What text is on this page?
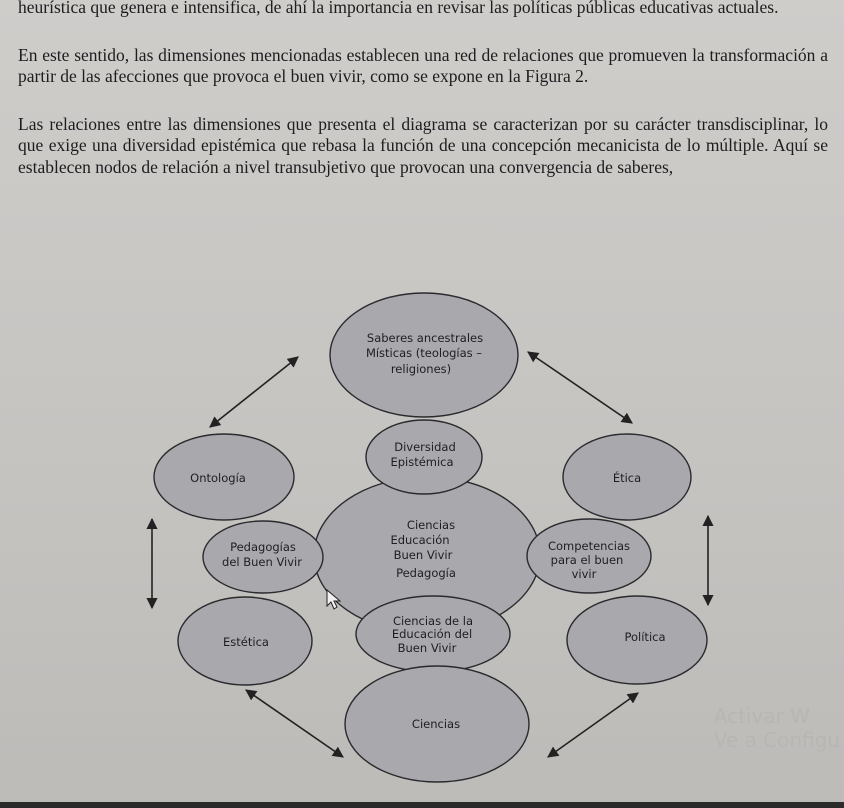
heurística que genera e intensifica, de ahí la importancia en revisar las políticas públicas educativas actuales.

En este sentido, las dimensiones mencionadas establecen una red de relaciones que promueven la transformación a partir de las afecciones que provoca el buen vivir, como se expone en la Figura 2.

Las relaciones entre las dimensiones que presenta el diagrama se caracterizan por su carácter transdisciplinar, lo que exige una diversidad epistémica que rebasa la función de una concepción mecanicista de lo múltiple. Aquí se establecen nodos de relación a nivel transubjetivo que provocan una convergencia de saberes,

Ciencias
Educación
Buen Vivir
Pedagogía
Saberes ancestrales
Místicas (teologías –
religiones)
Ontología	Ética
Diversidad
Epistémica
Pedagogías
del Buen Vivir
Competencias
para el buen
vivir
Ciencias de la
Educación del
Buen Vivir
Estética	Política
Ciencias	Activar W
Ve a Configu
